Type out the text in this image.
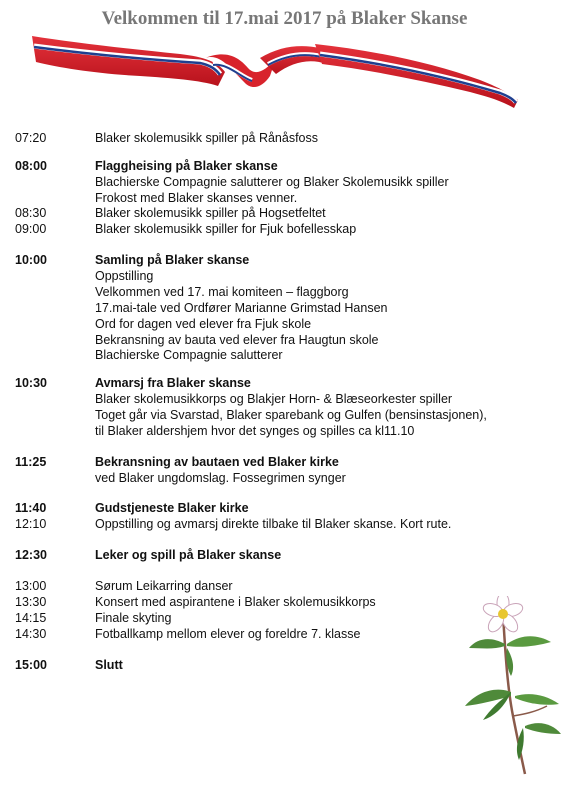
Velkommen til 17.mai 2017 på Blaker Skanse
07:20	Blaker skolemusikk spiller på Rånåsfoss
08:00	Flaggheising på Blaker skanse
Blachierske Compagnie salutterer og Blaker Skolemusikk spiller
Frokost med Blaker skanses venner.
08:30	Blaker skolemusikk spiller på Hogsetfeltet
09:00	Blaker skolemusikk spiller for Fjuk bofellesskap
10:00	Samling på Blaker skanse
Oppstilling
Velkommen ved 17. mai komiteen – flaggborg
17.mai-tale ved Ordfører Marianne Grimstad Hansen
Ord for dagen ved elever fra Fjuk skole
Bekransning av bauta ved elever fra Haugtun skole
Blachierske Compagnie salutterer
10:30	Avmarsj fra Blaker skanse
Blaker skolemusikkorps og Blakjer Horn- & Blæseorkester spiller
Toget går via Svarstad, Blaker sparebank og Gulfen (bensinstasjonen),
til Blaker aldershjem hvor det synges og spilles ca kl11.10
11:25	Bekransning av bautaen ved Blaker kirke
ved Blaker ungdomslag. Fossegrimen synger
11:40	Gudstjeneste Blaker kirke
12:10	Oppstilling og avmarsj direkte tilbake til Blaker skanse. Kort rute.
12:30	Leker og spill på Blaker skanse
13:00	Sørum Leikarring danser
13:30	Konsert med aspirantene i Blaker skolemusikkorps
14:15	Finale skyting
14:30	Fotballkamp mellom elever og foreldre 7. klasse
15:00	Slutt
